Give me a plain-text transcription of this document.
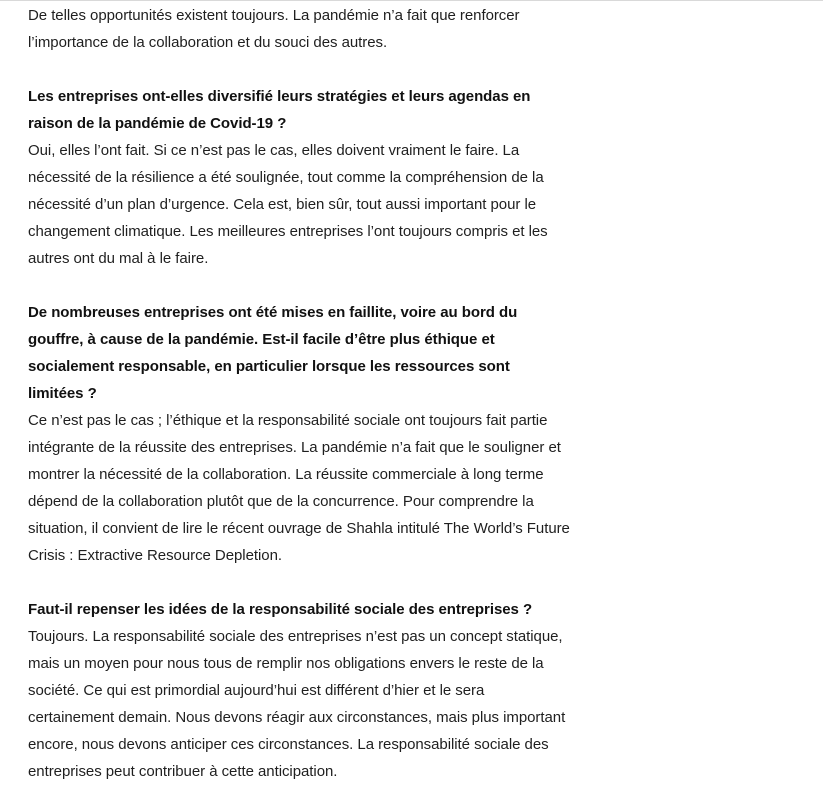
De telles opportunités existent toujours. La pandémie n’a fait que renforcer
l’importance de la collaboration et du souci des autres.
Les entreprises ont-elles diversifié leurs stratégies et leurs agendas en
raison de la pandémie de Covid-19 ?
Oui, elles l’ont fait. Si ce n’est pas le cas, elles doivent vraiment le faire. La
nécessité de la résilience a été soulignée, tout comme la compréhension de la
nécessité d’un plan d’urgence. Cela est, bien sûr, tout aussi important pour le
changement climatique. Les meilleures entreprises l’ont toujours compris et les
autres ont du mal à le faire.
De nombreuses entreprises ont été mises en faillite, voire au bord du
gouffre, à cause de la pandémie. Est-il facile d’être plus éthique et
socialement responsable, en particulier lorsque les ressources sont
limitées ?
Ce n’est pas le cas ; l’éthique et la responsabilité sociale ont toujours fait partie
intégrante de la réussite des entreprises. La pandémie n’a fait que le souligner et
montrer la nécessité de la collaboration. La réussite commerciale à long terme
dépend de la collaboration plutôt que de la concurrence. Pour comprendre la
situation, il convient de lire le récent ouvrage de Shahla intitulé The World’s Future
Crisis : Extractive Resource Depletion.
Faut-il repenser les idées de la responsabilité sociale des entreprises ?
Toujours. La responsabilité sociale des entreprises n’est pas un concept statique,
mais un moyen pour nous tous de remplir nos obligations envers le reste de la
société. Ce qui est primordial aujourd’hui est différent d’hier et le sera
certainement demain. Nous devons réagir aux circonstances, mais plus important
encore, nous devons anticiper ces circonstances. La responsabilité sociale des
entreprises peut contribuer à cette anticipation.
